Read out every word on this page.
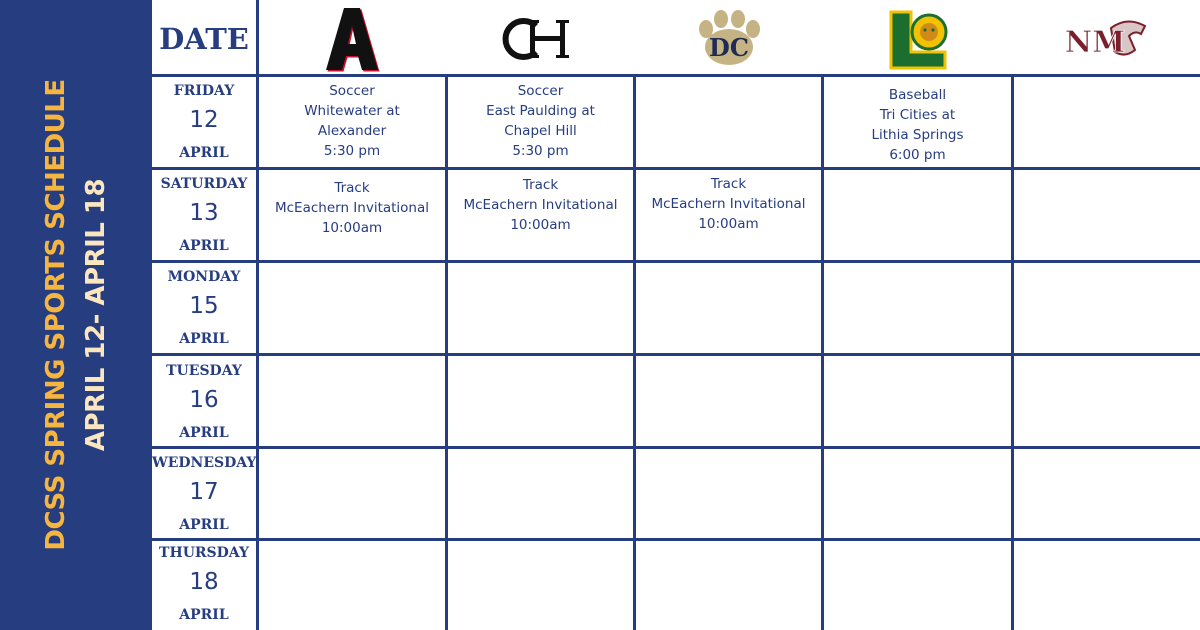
DCSS SPRING SPORTS SCHEDULE APRIL 12- APRIL 18
DATE	DC	NM
FRIDAY
12
APRIL
SATURDAY
13
APRIL
MONDAY
15
APRIL
TUESDAY
16
APRIL
WEDNESDAY
17
APRIL
THURSDAY
18
APRIL
Soccer
Whitewater at
Alexander
5:30 pm
Soccer
East Paulding at
Chapel Hill
5:30 pm
Baseball
Tri Cities at
Lithia Springs
6:00 pm
Track
McEachern Invitational
10:00am
Track
McEachern Invitational
10:00am
Track
McEachern Invitational
10:00am
